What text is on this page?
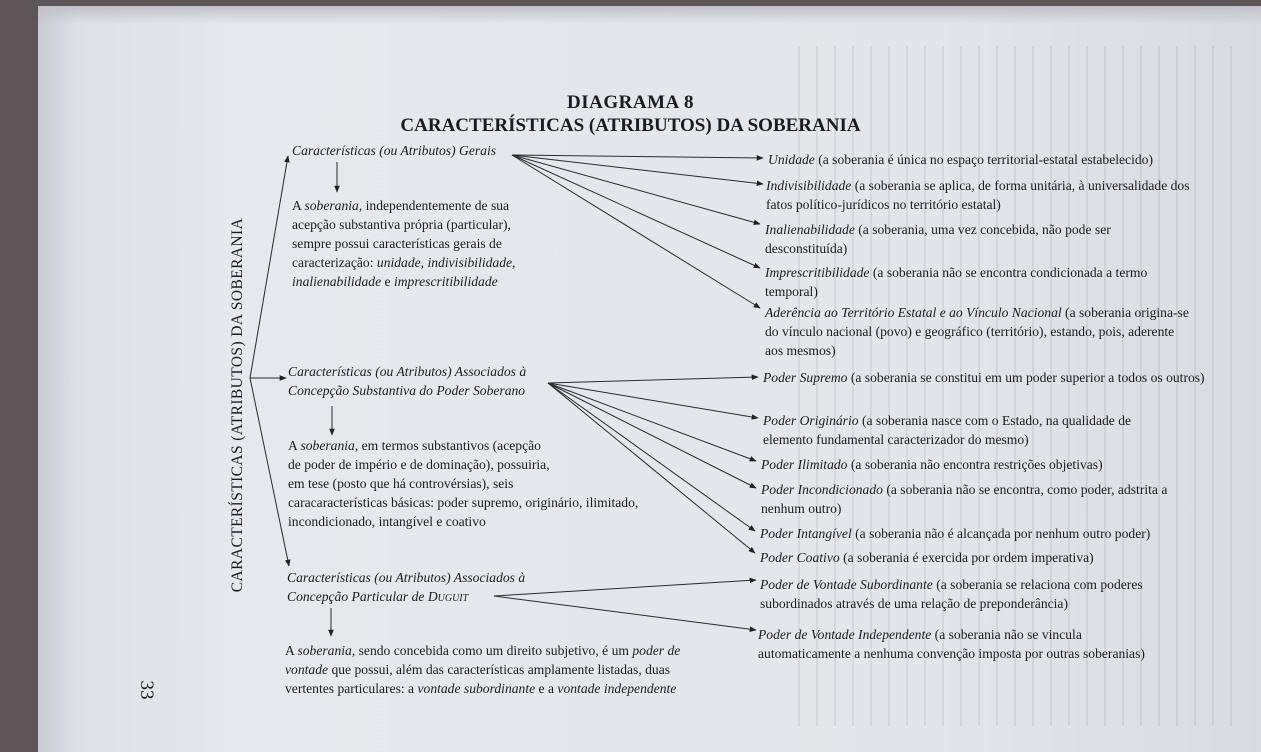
DIAGRAMA 8
CARACTERÍSTICAS (ATRIBUTOS) DA SOBERANIA
CARACTERÍSTICAS (ATRIBUTOS) DA SOBERANIA
33
Características (ou Atributos) Gerais
A soberania, independentemente de sua
acepção substantiva própria (particular),
sempre possui características gerais de
caracterização: unidade, indivisibilidade,
inalienabilidade e imprescritibilidade
Características (ou Atributos) Associados à
Concepção Substantiva do Poder Soberano
A soberania, em termos substantivos (acepção
de poder de império e de dominação), possuiria,
em tese (posto que há controvérsias), seis
caracaracterísticas básicas: poder supremo, originário, ilimitado,
incondicionado, intangível e coativo
Características (ou Atributos) Associados à
Concepção Particular de Duguit
A soberania, sendo concebida como um direito subjetivo, é um poder de
vontade que possui, além das características amplamente listadas, duas
vertentes particulares: a vontade subordinante e a vontade independente
Unidade (a soberania é única no espaço territorial-estatal estabelecido)
Indivisibilidade (a soberania se aplica, de forma unitária, à universalidade dos fatos político-jurídicos no território estatal)
Inalienabilidade (a soberania, uma vez concebida, não pode ser desconstituída)
Imprescritibilidade (a soberania não se encontra condicionada a termo temporal)
Aderência ao Território Estatal e ao Vínculo Nacional (a soberania origina-se do vínculo nacional (povo) e geográfico (território), estando, pois, aderente aos mesmos)
Poder Supremo (a soberania se constitui em um poder superior a todos os outros)
Poder Originário (a soberania nasce com o Estado, na qualidade de elemento fundamental caracterizador do mesmo)
Poder Ilimitado (a soberania não encontra restrições objetivas)
Poder Incondicionado (a soberania não se encontra, como poder, adstrita a nenhum outro)
Poder Intangível (a soberania não é alcançada por nenhum outro poder)
Poder Coativo (a soberania é exercida por ordem imperativa)
Poder de Vontade Subordinante (a soberania se relaciona com poderes subordinados através de uma relação de preponderância)
Poder de Vontade Independente (a soberania não se vincula automaticamente a nenhuma convenção imposta por outras soberanias)
